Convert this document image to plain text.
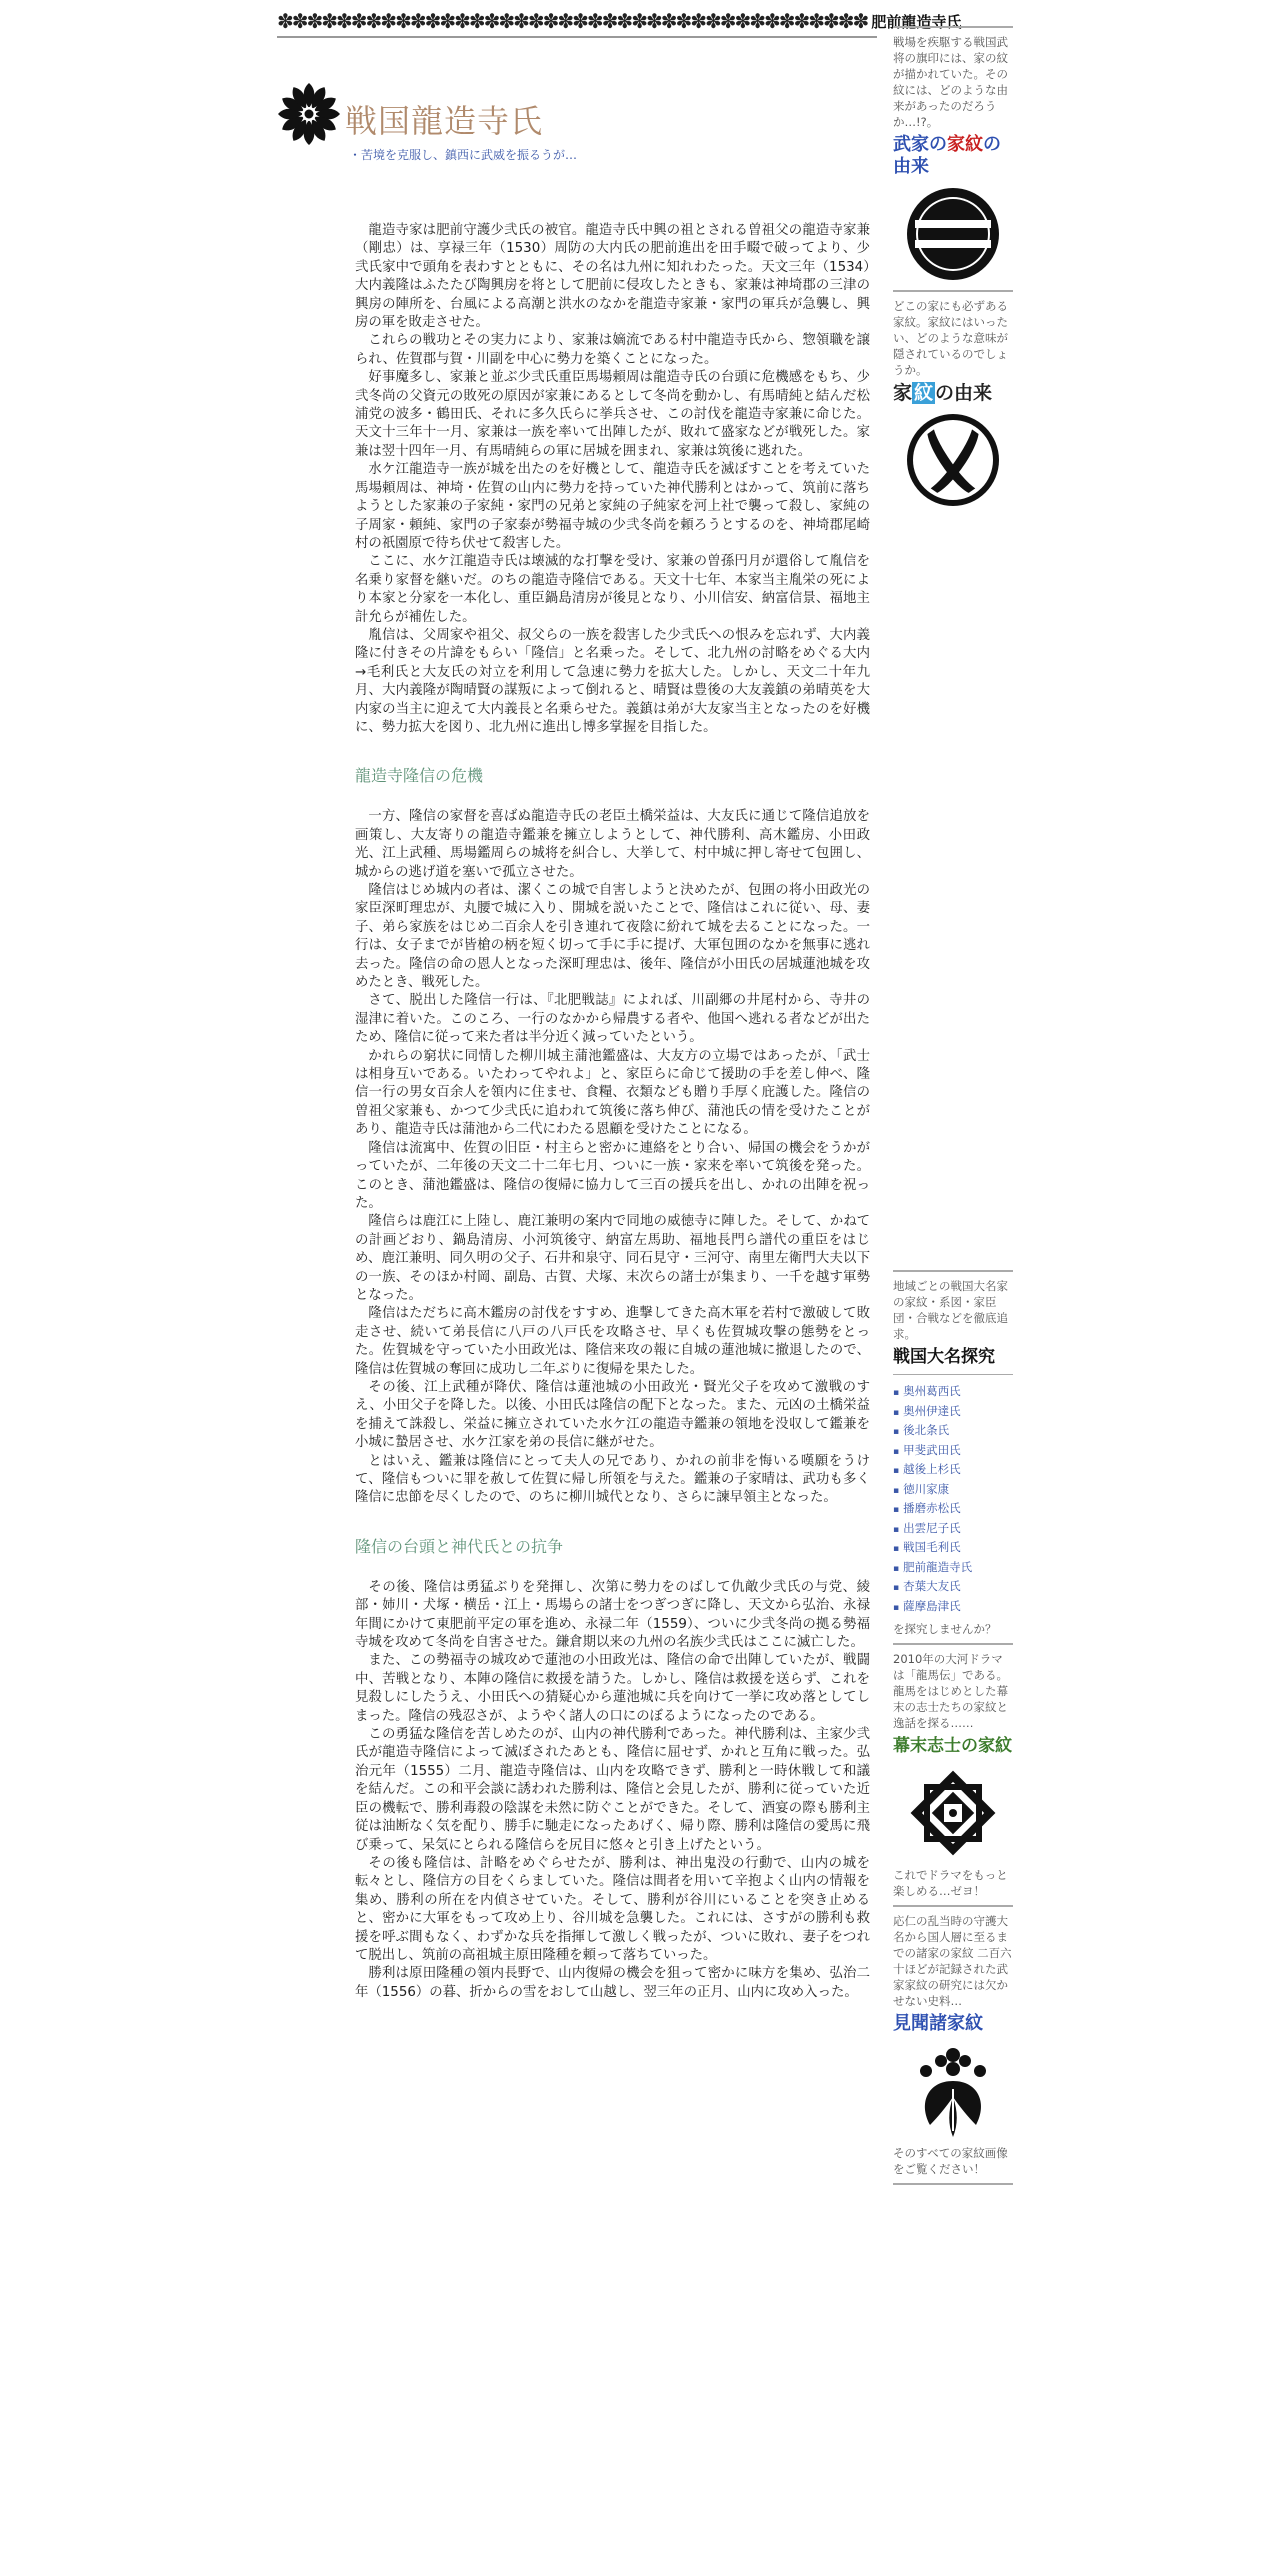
✽✽✽✽✽✽✽✽✽✽✽✽✽✽✽✽✽✽✽✽✽✽✽✽✽✽✽✽✽✽✽✽✽✽✽✽✽✽✽✽ 肥前龍造寺氏
戦国龍造寺氏
・苦境を克服し、鎮西に武威を振るうが…

龍造寺家は肥前守護少弐氏の被官。龍造寺氏中興の祖とされる曽祖父の龍造寺家兼（剛忠）は、享禄三年（1530）周防の大内氏の肥前進出を田手畷で破ってより、少弐氏家中で頭角を表わすとともに、その名は九州に知れわたった。天文三年（1534）大内義隆はふたたび陶興房を将として肥前に侵攻したときも、家兼は神埼郡の三津の興房の陣所を、台風による高潮と洪水のなかを龍造寺家兼・家門の軍兵が急襲し、興房の軍を敗走させた。

これらの戦功とその実力により、家兼は嫡流である村中龍造寺氏から、惣領職を譲られ、佐賀郡与賀・川副を中心に勢力を築くことになった。

好事魔多し、家兼と並ぶ少弐氏重臣馬場頼周は龍造寺氏の台頭に危機感をもち、少弐冬尚の父資元の敗死の原因が家兼にあるとして冬尚を動かし、有馬晴純と結んだ松浦党の波多・鶴田氏、それに多久氏らに挙兵させ、この討伐を龍造寺家兼に命じた。天文十三年十一月、家兼は一族を率いて出陣したが、敗れて盛家などが戦死した。家兼は翌十四年一月、有馬晴純らの軍に居城を囲まれ、家兼は筑後に逃れた。

水ケ江龍造寺一族が城を出たのを好機として、龍造寺氏を滅ぼすことを考えていた馬場頼周は、神埼・佐賀の山内に勢力を持っていた神代勝利とはかって、筑前に落ちようとした家兼の子家純・家門の兄弟と家純の子純家を河上社で襲って殺し、家純の子周家・頼純、家門の子家泰が勢福寺城の少弐冬尚を頼ろうとするのを、神埼郡尾崎村の祇園原で待ち伏せて殺害した。

ここに、水ケ江龍造寺氏は壊滅的な打撃を受け、家兼の曽孫円月が還俗して胤信を名乗り家督を継いだ。のちの龍造寺隆信である。天文十七年、本家当主胤栄の死により本家と分家を一本化し、重臣鍋島清房が後見となり、小川信安、納富信景、福地主計允らが補佐した。

胤信は、父周家や祖父、叔父らの一族を殺害した少弐氏への恨みを忘れず、大内義隆に付きその片諱をもらい「隆信」と名乗った。そして、北九州の討略をめぐる大内→毛利氏と大友氏の対立を利用して急速に勢力を拡大した。しかし、天文二十年九月、大内義隆が陶晴賢の謀叛によって倒れると、晴賢は豊後の大友義鎮の弟晴英を大内家の当主に迎えて大内義長と名乗らせた。義鎮は弟が大友家当主となったのを好機に、勢力拡大を図り、北九州に進出し博多掌握を目指した。

龍造寺隆信の危機

一方、隆信の家督を喜ばぬ龍造寺氏の老臣土橋栄益は、大友氏に通じて隆信追放を画策し、大友寄りの龍造寺鑑兼を擁立しようとして、神代勝利、高木鑑房、小田政光、江上武種、馬場鑑周らの城将を糾合し、大挙して、村中城に押し寄せて包囲し、城からの逃げ道を塞いで孤立させた。

隆信はじめ城内の者は、潔くこの城で自害しようと決めたが、包囲の将小田政光の家臣深町理忠が、丸腰で城に入り、開城を説いたことで、隆信はこれに従い、母、妻子、弟ら家族をはじめ二百余人を引き連れて夜陰に紛れて城を去ることになった。一行は、女子までが皆槍の柄を短く切って手に手に提げ、大軍包囲のなかを無事に逃れ去った。隆信の命の恩人となった深町理忠は、後年、隆信が小田氏の居城蓮池城を攻めたとき、戦死した。

さて、脱出した隆信一行は、『北肥戦誌』によれば、川副郷の井尾村から、寺井の湿津に着いた。このころ、一行のなかから帰農する者や、他国へ逃れる者などが出たため、隆信に従って来た者は半分近く減っていたという。

かれらの窮状に同情した柳川城主蒲池鑑盛は、大友方の立場ではあったが、「武士は相身互いである。いたわってやれよ」と、家臣らに命じて援助の手を差し伸べ、隆信一行の男女百余人を領内に住ませ、食糧、衣類なども贈り手厚く庇護した。隆信の曽祖父家兼も、かつて少弐氏に追われて筑後に落ち伸び、蒲池氏の情を受けたことがあり、龍造寺氏は蒲池から二代にわたる恩顧を受けたことになる。

隆信は流寓中、佐賀の旧臣・村主らと密かに連絡をとり合い、帰国の機会をうかがっていたが、二年後の天文二十二年七月、ついに一族・家来を率いて筑後を発った。このとき、蒲池鑑盛は、隆信の復帰に協力して三百の援兵を出し、かれの出陣を祝った。

隆信らは鹿江に上陸し、鹿江兼明の案内で同地の威徳寺に陣した。そして、かねての計画どおり、鍋島清房、小河筑後守、納富左馬助、福地長門ら譜代の重臣をはじめ、鹿江兼明、同久明の父子、石井和泉守、同石見守・三河守、南里左衛門大夫以下の一族、そのほか村岡、副島、古賀、犬塚、末次らの諸士が集まり、一千を越す軍勢となった。

隆信はただちに高木鑑房の討伐をすすめ、進撃してきた高木軍を若村で激破して敗走させ、続いて弟長信に八戸の八戸氏を攻略させ、早くも佐賀城攻撃の態勢をとった。佐賀城を守っていた小田政光は、隆信来攻の報に自城の蓮池城に撤退したので、隆信は佐賀城の奪回に成功し二年ぶりに復帰を果たした。

その後、江上武種が降伏、隆信は蓮池城の小田政光・賢光父子を攻めて激戦のすえ、小田父子を降した。以後、小田氏は隆信の配下となった。また、元凶の土橋栄益を捕えて誅殺し、栄益に擁立されていた水ケ江の龍造寺鑑兼の領地を没収して鑑兼を小城に蟄居させ、水ケ江家を弟の長信に継がせた。

とはいえ、鑑兼は隆信にとって夫人の兄であり、かれの前非を悔いる嘆願をうけて、隆信もついに罪を赦して佐賀に帰し所領を与えた。鑑兼の子家晴は、武功も多く隆信に忠節を尽くしたので、のちに柳川城代となり、さらに諫早領主となった。

隆信の台頭と神代氏との抗争

その後、隆信は勇猛ぶりを発揮し、次第に勢力をのばして仇敵少弐氏の与党、綾部・姉川・犬塚・横岳・江上・馬場らの諸士をつぎつぎに降し、天文から弘治、永禄年間にかけて東肥前平定の軍を進め、永禄二年（1559）、ついに少弐冬尚の拠る勢福寺城を攻めて冬尚を自害させた。鎌倉期以来の九州の名族少弐氏はここに滅亡した。

また、この勢福寺の城攻めで蓮池の小田政光は、隆信の命で出陣していたが、戦闘中、苦戦となり、本陣の隆信に救援を請うた。しかし、隆信は救援を送らず、これを見殺しにしたうえ、小田氏への猜疑心から蓮池城に兵を向けて一挙に攻め落としてしまった。隆信の残忍さが、ようやく諸人の口にのぼるようになったのである。

この勇猛な隆信を苦しめたのが、山内の神代勝利であった。神代勝利は、主家少弐氏が龍造寺隆信によって滅ぼされたあとも、隆信に屈せず、かれと互角に戦った。弘治元年（1555）二月、龍造寺隆信は、山内を攻略できず、勝利と一時休戦して和議を結んだ。この和平会談に誘われた勝利は、隆信と会見したが、勝利に従っていた近臣の機転で、勝利毒殺の陰謀を未然に防ぐことができた。そして、酒宴の際も勝利主従は油断なく気を配り、勝手に馳走になったあげく、帰り際、勝利は隆信の愛馬に飛び乗って、呆気にとられる隆信らを尻目に悠々と引き上げたという。

その後も隆信は、計略をめぐらせたが、勝利は、神出鬼没の行動で、山内の城を転々とし、隆信方の目をくらましていた。隆信は間者を用いて辛抱よく山内の情報を集め、勝利の所在を内偵させていた。そして、勝利が谷川にいることを突き止めると、密かに大軍をもって攻め上り、谷川城を急襲した。これには、さすがの勝利も救援を呼ぶ間もなく、わずかな兵を指揮して激しく戦ったが、ついに敗れ、妻子をつれて脱出し、筑前の高祖城主原田隆種を頼って落ちていった。

勝利は原田隆種の領内長野で、山内復帰の機会を狙って密かに味方を集め、弘治二年（1556）の暮、折からの雪をおして山越し、翌三年の正月、山内に攻め入った。

戦場を疾駆する戦国武将の旗印には、家の紋が描かれていた。その紋には、どのような由来があったのだろうか…!?。
武家の家紋の由来
どこの家にも必ずある家紋。家紋にはいったい、どのような意味が隠されているのでしょうか。
家 紋 の由来
地域ごとの戦国大名家の家紋・系図・家臣団・合戦などを徹底追求。
戦国大名探究
▪ 奥州葛西氏
▪ 奥州伊達氏
▪ 後北条氏
▪ 甲斐武田氏
▪ 越後上杉氏
▪ 徳川家康
▪ 播磨赤松氏
▪ 出雲尼子氏
▪ 戦国毛利氏
▪ 肥前龍造寺氏
▪ 杏葉大友氏
▪ 薩摩島津氏
を探究しませんか？
2010年の大河ドラマは「龍馬伝」である。龍馬をはじめとした幕末の志士たちの家紋と逸話を探る……
幕末志士の家紋
これでドラマをもっと楽しめる…ゼヨ！
応仁の乱当時の守護大名から国人層に至るまでの諸家の家紋 二百六十ほどが記録された武家家紋の研究には欠かせない史料…
見聞諸家紋
そのすべての家紋画像をご覧ください！
